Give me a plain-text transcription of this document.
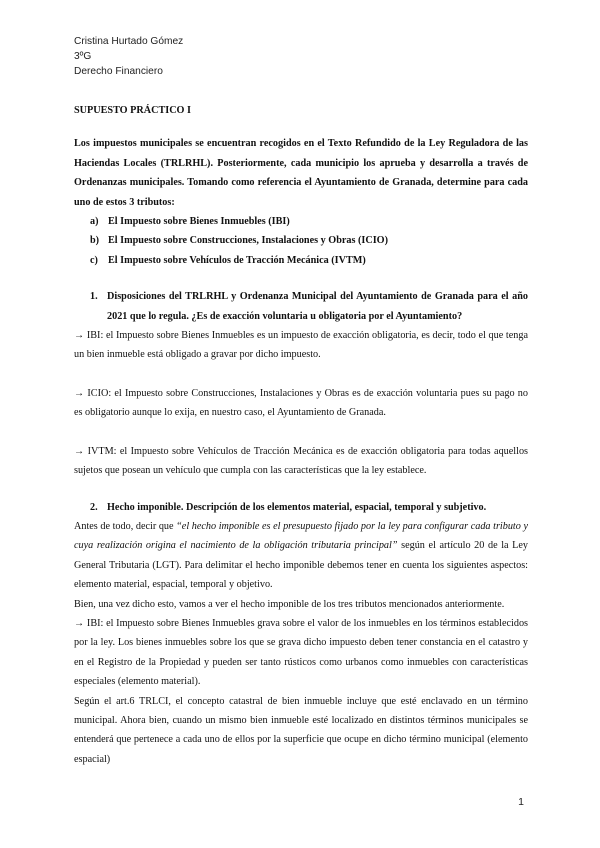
Cristina Hurtado Gómez
3ºG
Derecho Financiero
SUPUESTO PRÁCTICO I
Los impuestos municipales se encuentran recogidos en el Texto Refundido de la Ley Reguladora de las Haciendas Locales (TRLRHL). Posteriormente, cada municipio los aprueba y desarrolla a través de Ordenanzas municipales. Tomando como referencia el Ayuntamiento de Granada, determine para cada uno de estos 3 tributos:
a) El Impuesto sobre Bienes Inmuebles (IBI)
b) El Impuesto sobre Construcciones, Instalaciones y Obras (ICIO)
c) El Impuesto sobre Vehículos de Tracción Mecánica (IVTM)
1. Disposiciones del TRLRHL y Ordenanza Municipal del Ayuntamiento de Granada para el año 2021 que lo regula. ¿Es de exacción voluntaria u obligatoria por el Ayuntamiento?

→ IBI: el Impuesto sobre Bienes Inmuebles es un impuesto de exacción obligatoria, es decir, todo el que tenga un bien inmueble está obligado a gravar por dicho impuesto.

→ ICIO: el Impuesto sobre Construcciones, Instalaciones y Obras es de exacción voluntaria pues su pago no es obligatorio aunque lo exija, en nuestro caso, el Ayuntamiento de Granada.

→ IVTM: el Impuesto sobre Vehículos de Tracción Mecánica es de exacción obligatoria para todas aquellos sujetos que posean un vehículo que cumpla con las características que la ley establece.

2. Hecho imponible. Descripción de los elementos material, espacial, temporal y subjetivo.

Antes de todo, decir que “el hecho imponible es el presupuesto fijado por la ley para configurar cada tributo y cuya realización origina el nacimiento de la obligación tributaria principal” según el artículo 20 de la Ley General Tributaria (LGT). Para delimitar el hecho imponible debemos tener en cuenta los siguientes aspectos: elemento material, espacial, temporal y objetivo.

Bien, una vez dicho esto, vamos a ver el hecho imponible de los tres tributos mencionados anteriormente.

→ IBI: el Impuesto sobre Bienes Inmuebles grava sobre el valor de los inmuebles en los términos establecidos por la ley. Los bienes inmuebles sobre los que se grava dicho impuesto deben tener constancia en el catastro y en el Registro de la Propiedad y pueden ser tanto rústicos como urbanos como inmuebles con características especiales (elemento material).

Según el art.6 TRLCI, el concepto catastral de bien inmueble incluye que esté enclavado en un término municipal. Ahora bien, cuando un mismo bien inmueble esté localizado en distintos términos municipales se entenderá que pertenece a cada uno de ellos por la superficie que ocupe en dicho término municipal (elemento espacial)

1
